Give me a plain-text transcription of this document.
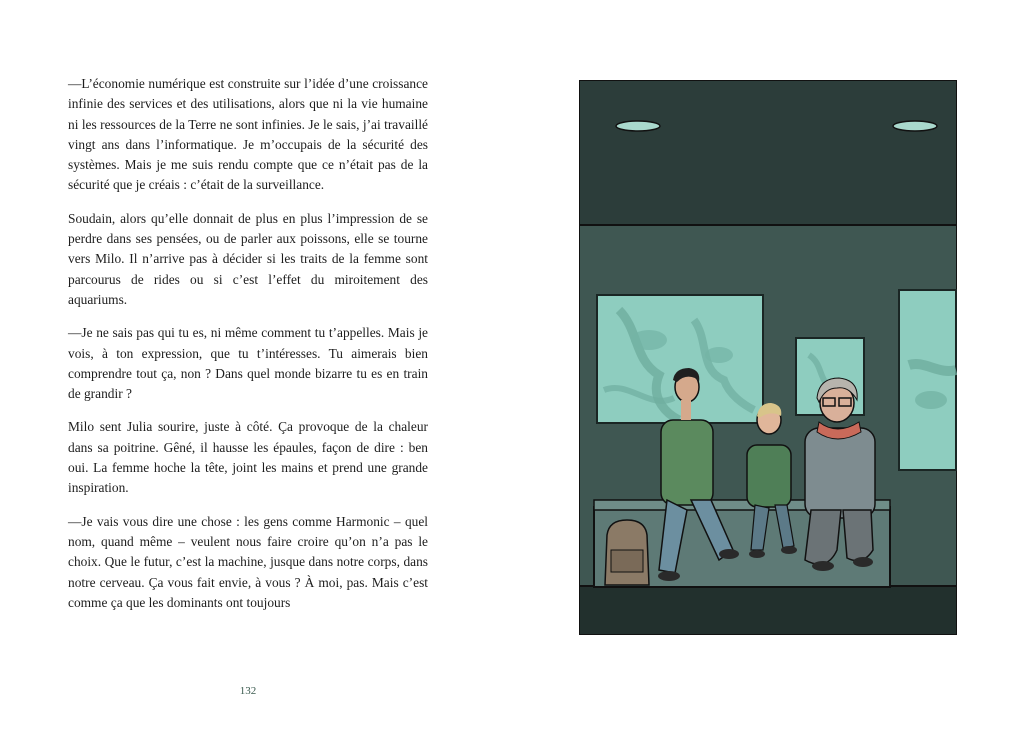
—L’économie numérique est construite sur l’idée d’une croissance infinie des services et des utilisations, alors que ni la vie humaine ni les ressources de la Terre ne sont infinies. Je le sais, j’ai travaillé vingt ans dans l’informatique. Je m’occupais de la sécurité des systèmes. Mais je me suis rendu compte que ce n’était pas de la sécurité que je créais : c’était de la surveillance.

Soudain, alors qu’elle donnait de plus en plus l’impression de se perdre dans ses pensées, ou de parler aux poissons, elle se tourne vers Milo. Il n’arrive pas à décider si les traits de la femme sont parcourus de rides ou si c’est l’effet du miroitement des aquariums.

—Je ne sais pas qui tu es, ni même comment tu t’appelles. Mais je vois, à ton expression, que tu t’intéresses. Tu aimerais bien comprendre tout ça, non ? Dans quel monde bizarre tu es en train de grandir ?

Milo sent Julia sourire, juste à côté. Ça provoque de la chaleur dans sa poitrine. Gêné, il hausse les épaules, façon de dire : ben oui. La femme hoche la tête, joint les mains et prend une grande inspiration.

—Je vais vous dire une chose : les gens comme Harmonic – quel nom, quand même – veulent nous faire croire qu’on n’a pas le choix. Que le futur, c’est la machine, jusque dans notre corps, dans notre cerveau. Ça vous fait envie, à vous ? À moi, pas. Mais c’est comme ça que les dominants ont toujours

132
